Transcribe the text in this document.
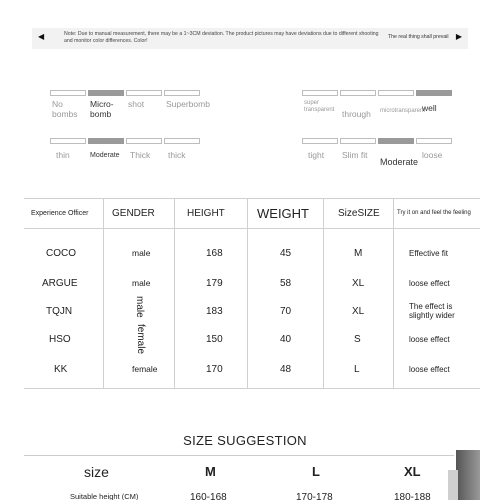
◀	Note: Due to manual measurement, there may be a 1~3CM deviation. The product pictures may have deviations due to different shooting and monitor color differences. Color!
The real thing shall prevail ▶
No bombs
Micro-bomb
shot	Superbomb	super transparent through microtransparent
well
thin	Moderate Thick thick	tight Slim fit
Moderate
loose
Experience Officer GENDER	HEIGHT WEIGHT	SizeSIZE	Try it on and feel the feeling
COCO	male	168	45	M	Effective fit
ARGUE	male	179	58	XL	loose effect
TQJN	male	183	70	XL	The effect is slightly wider
HSO	female	150	40	S	loose effect
KK	female	170	48	L	loose effect
SIZE SUGGESTION
size	M	L	XL
Suitable height (CM)	160-168	170-178	180-188
